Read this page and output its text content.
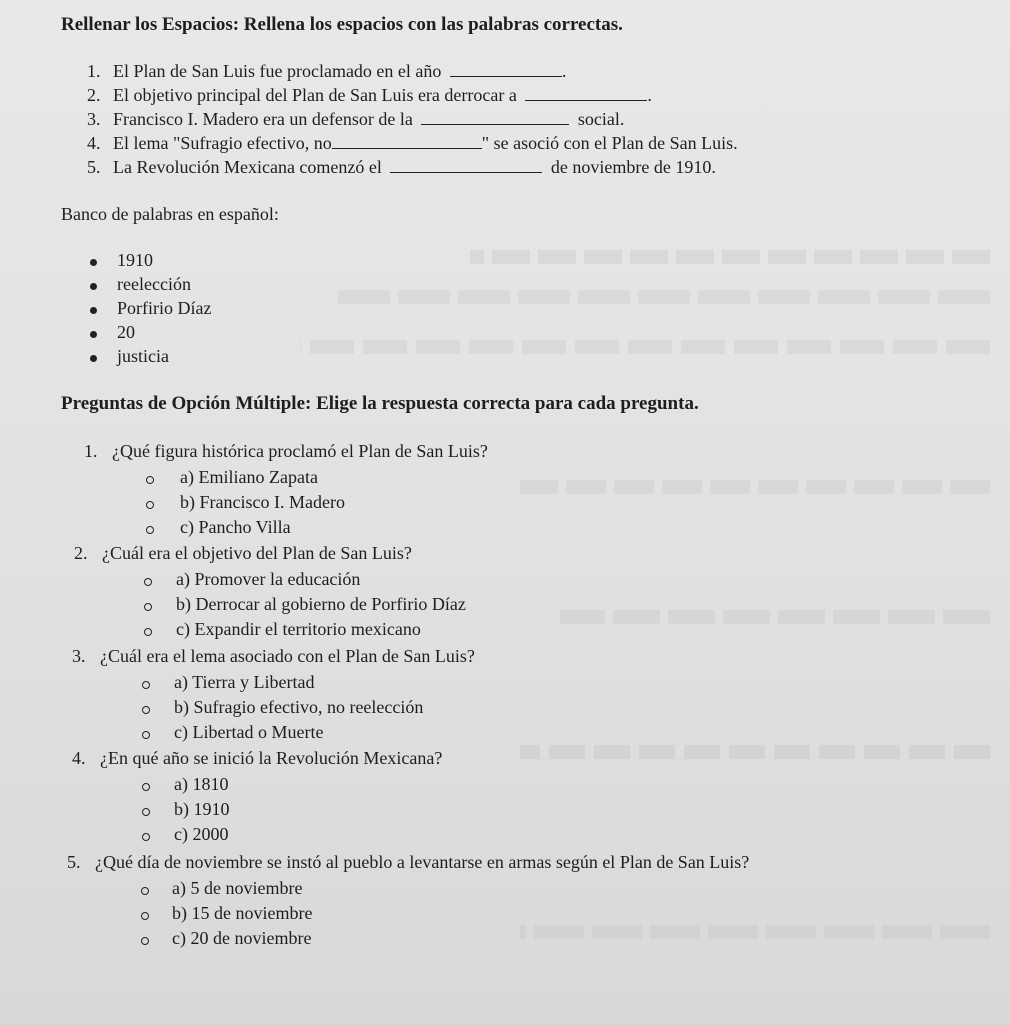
Rellenar los Espacios: Rellena los espacios con las palabras correctas.
1. El Plan de San Luis fue proclamado en el año	.
2. El objetivo principal del Plan de San Luis era derrocar a	.
3. Francisco I. Madero era un defensor de la	social.
4. El lema "Sufragio efectivo, no	" se asoció con el Plan de San Luis.
5. La Revolución Mexicana comenzó el	de noviembre de 1910.
Banco de palabras en español:
1910
reelección
Porfirio Díaz
20
justicia
Preguntas de Opción Múltiple: Elige la respuesta correcta para cada pregunta.
1. ¿Qué figura histórica proclamó el Plan de San Luis?
a) Emiliano Zapata
b) Francisco I. Madero
c) Pancho Villa
2. ¿Cuál era el objetivo del Plan de San Luis?
a) Promover la educación
b) Derrocar al gobierno de Porfirio Díaz
c) Expandir el territorio mexicano
3. ¿Cuál era el lema asociado con el Plan de San Luis?
a) Tierra y Libertad
b) Sufragio efectivo, no reelección
c) Libertad o Muerte
4. ¿En qué año se inició la Revolución Mexicana?
a) 1810
b) 1910
c) 2000
5. ¿Qué día de noviembre se instó al pueblo a levantarse en armas según el Plan de San Luis?
a) 5 de noviembre
b) 15 de noviembre
c) 20 de noviembre
